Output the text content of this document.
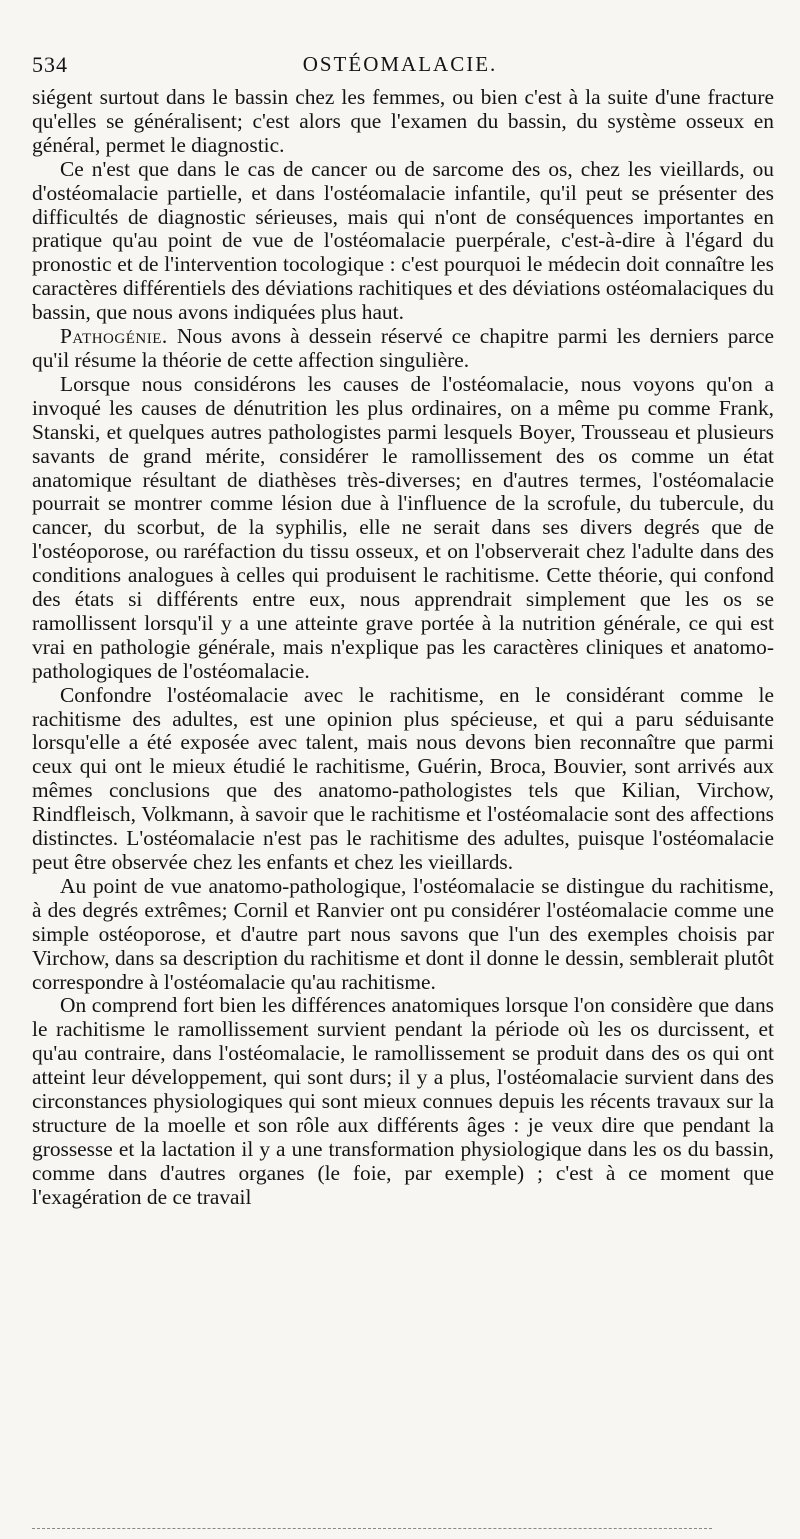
534	OSTÉOMALACIE.

siégent surtout dans le bassin chez les femmes, ou bien c'est à la suite d'une fracture qu'elles se généralisent; c'est alors que l'examen du bassin, du système osseux en général, permet le diagnostic.

Ce n'est que dans le cas de cancer ou de sarcome des os, chez les vieillards, ou d'ostéomalacie partielle, et dans l'ostéomalacie infantile, qu'il peut se présenter des difficultés de diagnostic sérieuses, mais qui n'ont de conséquences importantes en pratique qu'au point de vue de l'ostéomalacie puerpérale, c'est-à-dire à l'égard du pronostic et de l'intervention tocologique : c'est pourquoi le médecin doit connaître les caractères différentiels des déviations rachitiques et des déviations ostéomalaciques du bassin, que nous avons indiquées plus haut.

Pathogénie. Nous avons à dessein réservé ce chapitre parmi les derniers parce qu'il résume la théorie de cette affection singulière.

Lorsque nous considérons les causes de l'ostéomalacie, nous voyons qu'on a invoqué les causes de dénutrition les plus ordinaires, on a même pu comme Frank, Stanski, et quelques autres pathologistes parmi lesquels Boyer, Trousseau et plusieurs savants de grand mérite, considérer le ramollissement des os comme un état anatomique résultant de diathèses très-diverses; en d'autres termes, l'ostéomalacie pourrait se montrer comme lésion due à l'influence de la scrofule, du tubercule, du cancer, du scorbut, de la syphilis, elle ne serait dans ses divers degrés que de l'ostéoporose, ou raréfaction du tissu osseux, et on l'observerait chez l'adulte dans des conditions analogues à celles qui produisent le rachitisme. Cette théorie, qui confond des états si différents entre eux, nous apprendrait simplement que les os se ramollissent lorsqu'il y a une atteinte grave portée à la nutrition générale, ce qui est vrai en pathologie générale, mais n'explique pas les caractères cliniques et anatomo-pathologiques de l'ostéomalacie.

Confondre l'ostéomalacie avec le rachitisme, en le considérant comme le rachitisme des adultes, est une opinion plus spécieuse, et qui a paru séduisante lorsqu'elle a été exposée avec talent, mais nous devons bien reconnaître que parmi ceux qui ont le mieux étudié le rachitisme, Guérin, Broca, Bouvier, sont arrivés aux mêmes conclusions que des anatomo-pathologistes tels que Kilian, Virchow, Rindfleisch, Volkmann, à savoir que le rachitisme et l'ostéomalacie sont des affections distinctes. L'ostéomalacie n'est pas le rachitisme des adultes, puisque l'ostéomalacie peut être observée chez les enfants et chez les vieillards.

Au point de vue anatomo-pathologique, l'ostéomalacie se distingue du rachitisme, à des degrés extrêmes; Cornil et Ranvier ont pu considérer l'ostéomalacie comme une simple ostéoporose, et d'autre part nous savons que l'un des exemples choisis par Virchow, dans sa description du rachitisme et dont il donne le dessin, semblerait plutôt correspondre à l'ostéomalacie qu'au rachitisme.

On comprend fort bien les différences anatomiques lorsque l'on considère que dans le rachitisme le ramollissement survient pendant la période où les os durcissent, et qu'au contraire, dans l'ostéomalacie, le ramollissement se produit dans des os qui ont atteint leur développement, qui sont durs; il y a plus, l'ostéomalacie survient dans des circonstances physiologiques qui sont mieux connues depuis les récents travaux sur la structure de la moelle et son rôle aux différents âges : je veux dire que pendant la grossesse et la lactation il y a une transformation physiologique dans les os du bassin, comme dans d'autres organes (le foie, par exemple) ; c'est à ce moment que l'exagération de ce travail
